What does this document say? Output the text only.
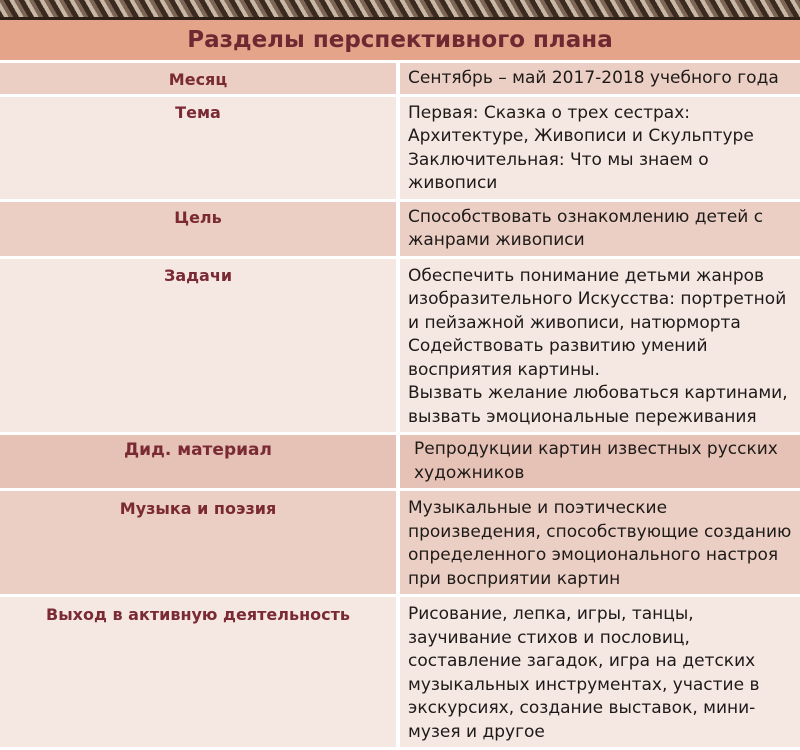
Разделы перспективного плана	
Месяц	Сентябрь – май 2017-2018 учебного года

Тема	Первая: Сказка о трех сестрах: Архитектуре, Живописи и Скульптуре
Заключительная: Что мы знаем о живописи

Цель	Способствовать ознакомлению детей с жанрами живописи

Задачи	Обеспечить понимание детьми жанров изобразительного Искусства: портретной и пейзажной живописи, натюрморта
Содействовать развитию умений восприятия картины.
Вызвать желание любоваться картинами, вызвать эмоциональные переживания

Дид. материал	Репродукции картин известных русских художников

Музыка и поэзия	Музыкальные и поэтические произведения, способствующие созданию определенного эмоционального настроя при восприятии картин

Выход в активную деятельность	Рисование, лепка, игры, танцы, заучивание стихов и пословиц, составление загадок, игра на детских музыкальных инструментах, участие в экскурсиях, создание выставок, мини-музея и другое
